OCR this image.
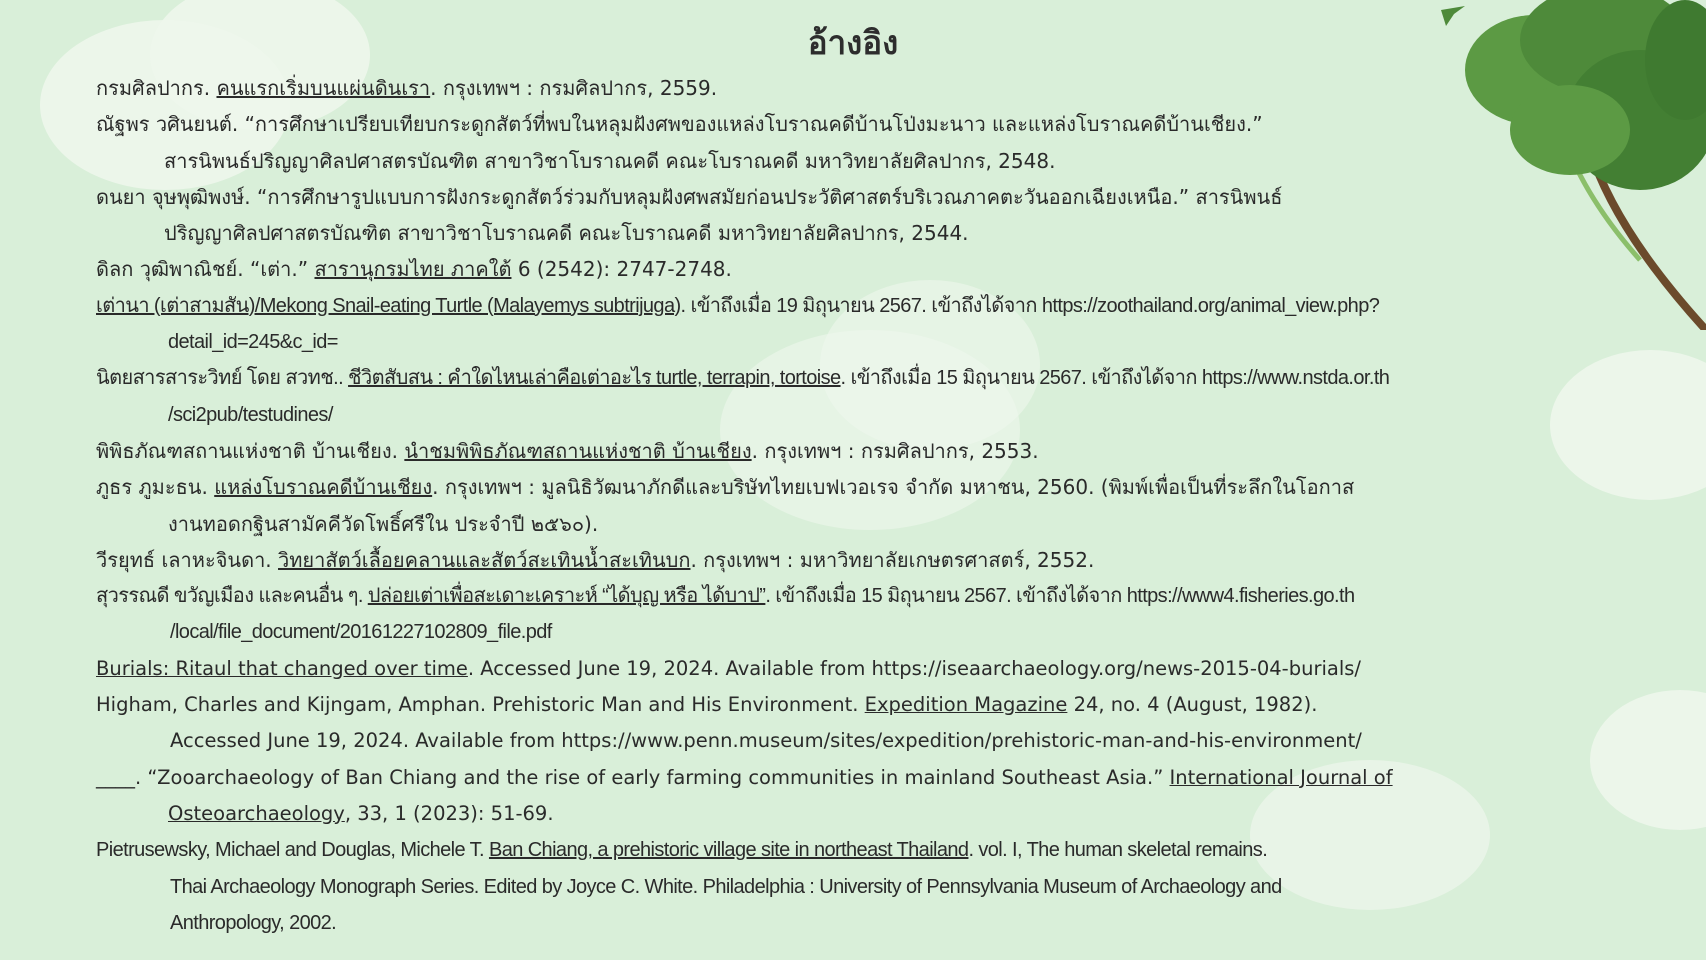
อ้างอิง

กรมศิลปากร. คนแรกเริ่มบนแผ่นดินเรา. กรุงเทพฯ : กรมศิลปากร, 2559.

ณัฐพร วศินยนต์. “การศึกษาเปรียบเทียบกระดูกสัตว์ที่พบในหลุมฝังศพของแหล่งโบราณคดีบ้านโป่งมะนาว และแหล่งโบราณคดีบ้านเชียง.”
สารนิพนธ์ปริญญาศิลปศาสตรบัณฑิต สาขาวิชาโบราณคดี คณะโบราณคดี มหาวิทยาลัยศิลปากร, 2548.

ดนยา จุษพุฒิพงษ์. “การศึกษารูปแบบการฝังกระดูกสัตว์ร่วมกับหลุมฝังศพสมัยก่อนประวัติศาสตร์บริเวณภาคตะวันออกเฉียงเหนือ.” สารนิพนธ์
ปริญญาศิลปศาสตรบัณฑิต สาขาวิชาโบราณคดี คณะโบราณคดี มหาวิทยาลัยศิลปากร, 2544.

ดิลก วุฒิพาณิชย์. “เต่า.” สารานุกรมไทย ภาคใต้ 6 (2542): 2747-2748.

เต่านา (เต่าสามสัน)/Mekong Snail-eating Turtle (Malayemys subtrijuga). เข้าถึงเมื่อ 19 มิถุนายน 2567. เข้าถึงได้จาก https://zoothailand.org/animal_view.php?
detail_id=245&c_id=

นิตยสารสาระวิทย์ โดย สวทช.. ชีวิตสับสน : คำใดไหนเล่าคือเต่าอะไร turtle, terrapin, tortoise. เข้าถึงเมื่อ 15 มิถุนายน 2567. เข้าถึงได้จาก https://www.nstda.or.th
/sci2pub/testudines/

พิพิธภัณฑสถานแห่งชาติ บ้านเชียง. นำชมพิพิธภัณฑสถานแห่งชาติ บ้านเชียง. กรุงเทพฯ : กรมศิลปากร, 2553.

ภูธร ภูมะธน. แหล่งโบราณคดีบ้านเชียง. กรุงเทพฯ : มูลนิธิวัฒนาภักดีและบริษัทไทยเบฟเวอเรจ จำกัด มหาชน, 2560. (พิมพ์เพื่อเป็นที่ระลึกในโอกาส
งานทอดกฐินสามัคคีวัดโพธิ์ศรีใน ประจำปี ๒๕๖๐).

วีรยุทธ์ เลาหะจินดา. วิทยาสัตว์เลื้อยคลานและสัตว์สะเทินน้ำสะเทินบก. กรุงเทพฯ : มหาวิทยาลัยเกษตรศาสตร์, 2552.

สุวรรณดี ขวัญเมือง และคนอื่น ๆ. ปล่อยเต่าเพื่อสะเดาะเคราะห์ “ได้บุญ หรือ ได้บาป”. เข้าถึงเมื่อ 15 มิถุนายน 2567. เข้าถึงได้จาก https://www4.fisheries.go.th
/local/file_document/20161227102809_file.pdf

Burials: Ritaul that changed over time. Accessed June 19, 2024. Available from https://iseaarchaeology.org/news-2015-04-burials/

Higham, Charles and Kijngam, Amphan. Prehistoric Man and His Environment. Expedition Magazine 24, no. 4 (August, 1982).
Accessed June 19, 2024. Available from https://www.penn.museum/sites/expedition/prehistoric-man-and-his-environment/

____. “Zooarchaeology of Ban Chiang and the rise of early farming communities in mainland Southeast Asia.” International Journal of
Osteoarchaeology, 33, 1 (2023): 51-69.

Pietrusewsky, Michael and Douglas, Michele T. Ban Chiang, a prehistoric village site in northeast Thailand. vol. I, The human skeletal remains.
Thai Archaeology Monograph Series. Edited by Joyce C. White. Philadelphia : University of Pennsylvania Museum of Archaeology and
Anthropology, 2002.
